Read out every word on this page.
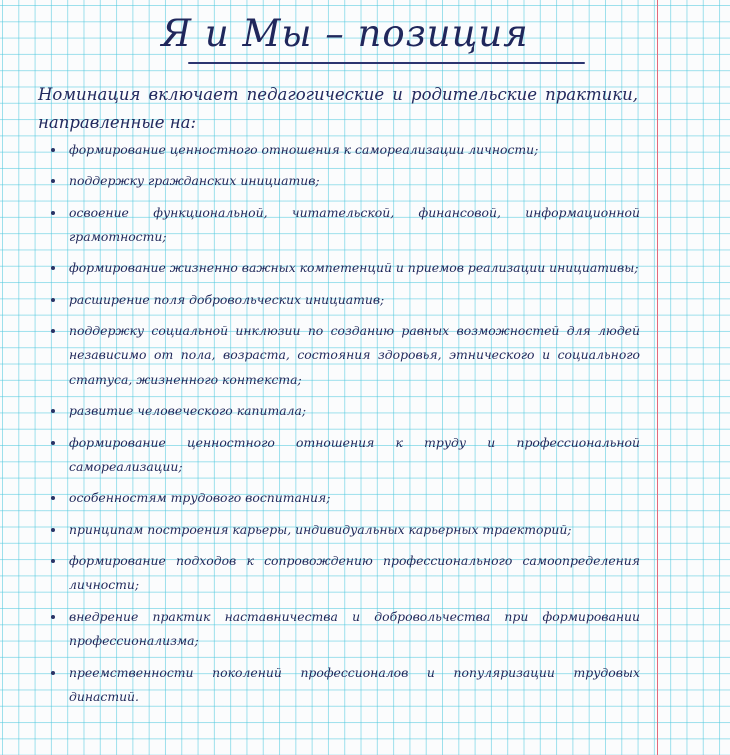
Я и Мы – позиция
Номинация включает педагогические и родительские практики, направленные на:
формирование ценностного отношения к самореализации личности;
поддержку гражданских инициатив;
освоение функциональной, читательской, финансовой, информационной грамотности;
формирование жизненно важных компетенций и приемов реализации инициативы;
расширение поля добровольческих инициатив;
поддержку социальной инклюзии по созданию равных возможностей для людей независимо от пола, возраста, состояния здоровья, этнического и социального статуса, жизненного контекста;
развитие человеческого капитала;
формирование ценностного отношения к труду и профессиональной самореализации;
особенностям трудового воспитания;
принципам построения карьеры, индивидуальных карьерных траекторий;
формирование подходов к сопровождению профессионального самоопределения личности;
внедрение практик наставничества и добровольчества при формировании профессионализма;
преемственности поколений профессионалов и популяризации трудовых династий.
